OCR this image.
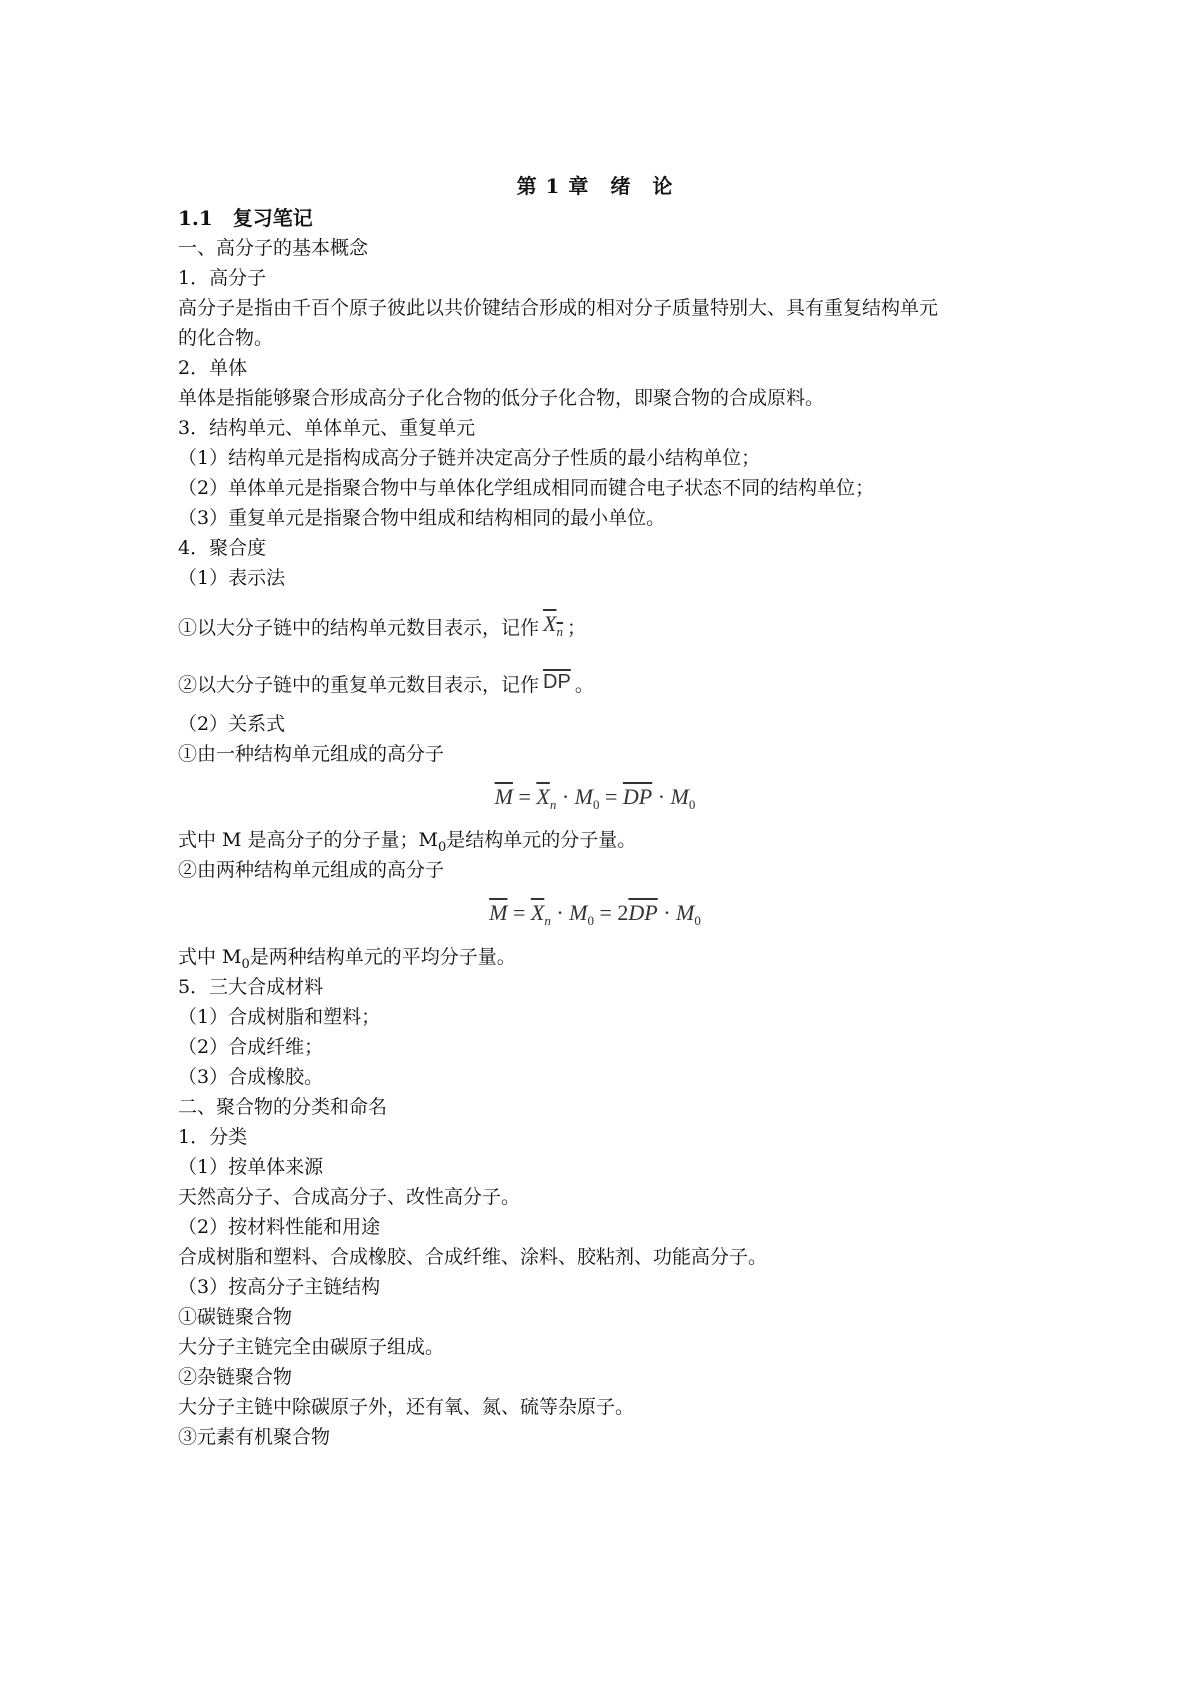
第 1 章　绪　论
1.1　复习笔记
一、高分子的基本概念
1．高分子
高分子是指由千百个原子彼此以共价键结合形成的相对分子质量特别大、具有重复结构单元
的化合物。
2．单体
单体是指能够聚合形成高分子化合物的低分子化合物，即聚合物的合成原料。
3．结构单元、单体单元、重复单元
（1）结构单元是指构成高分子链并决定高分子性质的最小结构单位；
（2）单体单元是指聚合物中与单体化学组成相同而键合电子状态不同的结构单位；
（3）重复单元是指聚合物中组成和结构相同的最小单位。
4．聚合度
（1）表示法
①以大分子链中的结构单元数目表示，记作 $X_n$ ；
②以大分子链中的重复单元数目表示，记作 $\overline{DP}$ 。
（2）关系式
①由一种结构单元组成的高分子
$\overline{M} = \overline{X}_n \cdot M_0 = \overline{DP} \cdot M_0$
式中 M 是高分子的分子量；$M_0$是结构单元的分子量。
②由两种结构单元组成的高分子
$\overline{M} = \overline{X}_n \cdot M_0 = 2\overline{DP} \cdot M_0$
式中 $M_0$是两种结构单元的平均分子量。
5．三大合成材料
（1）合成树脂和塑料；
（2）合成纤维；
（3）合成橡胶。
二、聚合物的分类和命名
1．分类
（1）按单体来源
天然高分子、合成高分子、改性高分子。
（2）按材料性能和用途
合成树脂和塑料、合成橡胶、合成纤维、涂料、胶粘剂、功能高分子。
（3）按高分子主链结构
①碳链聚合物
大分子主链完全由碳原子组成。
②杂链聚合物
大分子主链中除碳原子外，还有氧、氮、硫等杂原子。
③元素有机聚合物
